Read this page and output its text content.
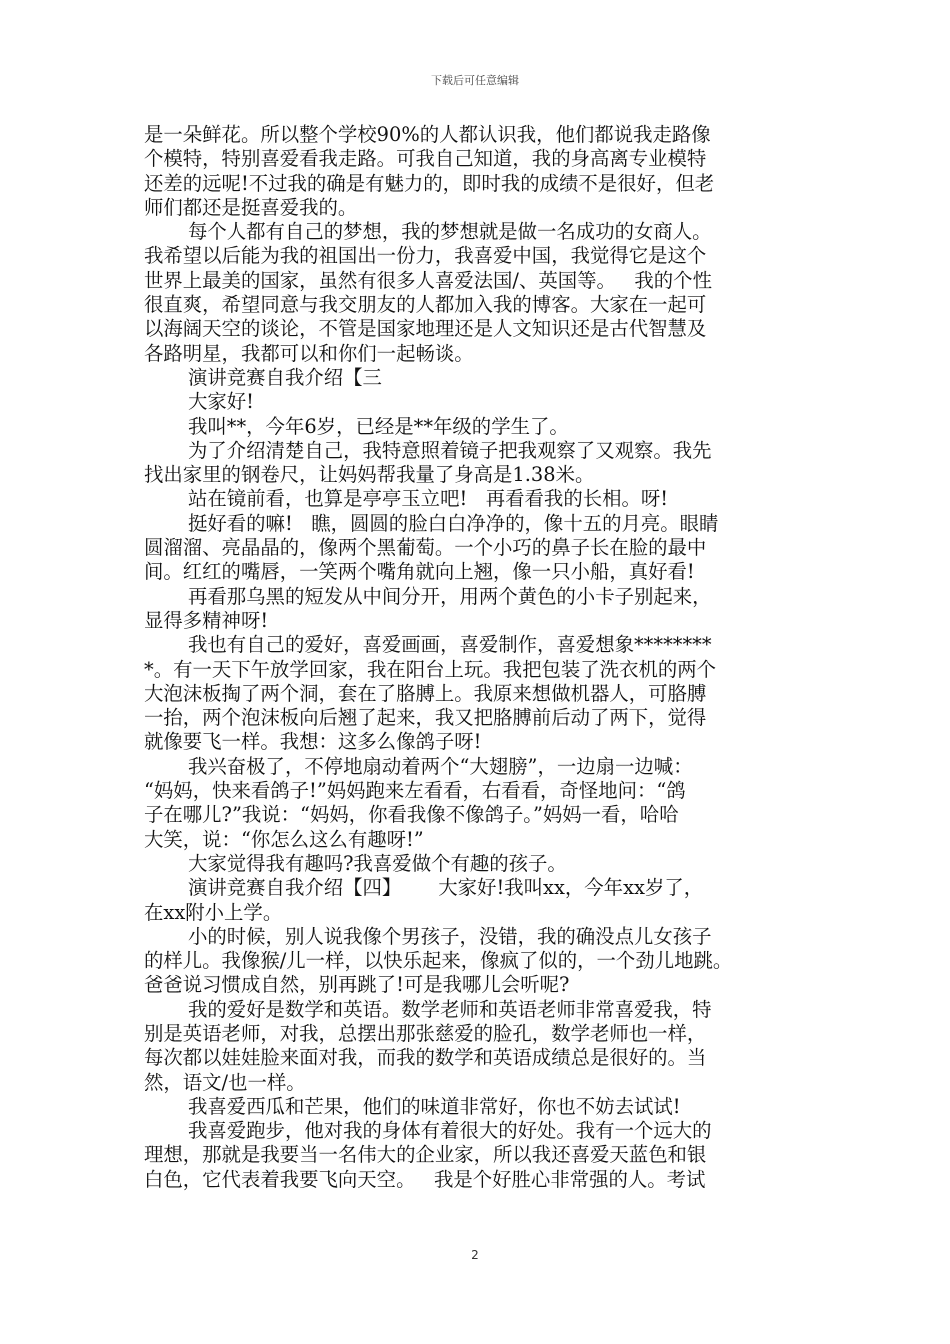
下载后可任意编辑
是一朵鲜花。所以整个学校90%的人都认识我，他们都说我走路像
个模特，特别喜爱看我走路。可我自己知道，我的身高离专业模特
还差的远呢!不过我的确是有魅力的，即时我的成绩不是很好，但老
师们都还是挺喜爱我的。
每个人都有自己的梦想，我的梦想就是做一名成功的女商人。
我希望以后能为我的祖国出一份力，我喜爱中国，我觉得它是这个
世界上最美的国家，虽然有很多人喜爱法国/、英国等。   我的个性
很直爽，希望同意与我交朋友的人都加入我的博客。大家在一起可
以海阔天空的谈论，不管是国家地理还是人文知识还是古代智慧及
各路明星，我都可以和你们一起畅谈。
演讲竞赛自我介绍【三
大家好!
我叫**，今年6岁，已经是**年级的学生了。
为了介绍清楚自己，我特意照着镜子把我观察了又观察。我先
找出家里的钢卷尺，让妈妈帮我量了身高是1.38米。
站在镜前看，也算是亭亭玉立吧!   再看看我的长相。呀!
挺好看的嘛!   瞧，圆圆的脸白白净净的，像十五的月亮。眼睛
圆溜溜、亮晶晶的，像两个黑葡萄。一个小巧的鼻子长在脸的最中
间。红红的嘴唇，一笑两个嘴角就向上翘，像一只小船，真好看!
再看那乌黑的短发从中间分开，用两个黄色的小卡子别起来，
显得多精神呀!
我也有自己的爱好，喜爱画画，喜爱制作，喜爱想象********
*。有一天下午放学回家，我在阳台上玩。我把包装了洗衣机的两个
大泡沫板掏了两个洞，套在了胳膊上。我原来想做机器人，可胳膊
一抬，两个泡沫板向后翘了起来，我又把胳膊前后动了两下，觉得
就像要飞一样。我想：这多么像鸽子呀!
我兴奋极了，不停地扇动着两个“大翅膀”，一边扇一边喊：
“妈妈，快来看鸽子!”妈妈跑来左看看，右看看，奇怪地问：“鸽
子在哪儿?”我说：“妈妈，你看我像不像鸽子。”妈妈一看，哈哈
大笑，说：“你怎么这么有趣呀!”
大家觉得我有趣吗?我喜爱做个有趣的孩子。
演讲竞赛自我介绍【四】      大家好!我叫xx，今年xx岁了，
在xx附小上学。
小的时候，别人说我像个男孩子，没错，我的确没点儿女孩子
的样儿。我像猴/儿一样，以快乐起来，像疯了似的，一个劲儿地跳。
爸爸说习惯成自然，别再跳了!可是我哪儿会听呢?
我的爱好是数学和英语。数学老师和英语老师非常喜爱我，特
别是英语老师，对我，总摆出那张慈爱的脸孔，数学老师也一样，
每次都以娃娃脸来面对我，而我的数学和英语成绩总是很好的。当
然，语文/也一样。
我喜爱西瓜和芒果，他们的味道非常好，你也不妨去试试!
我喜爱跑步，他对我的身体有着很大的好处。我有一个远大的
理想，那就是我要当一名伟大的企业家，所以我还喜爱天蓝色和银
白色，它代表着我要飞向天空。   我是个好胜心非常强的人。考试
2
